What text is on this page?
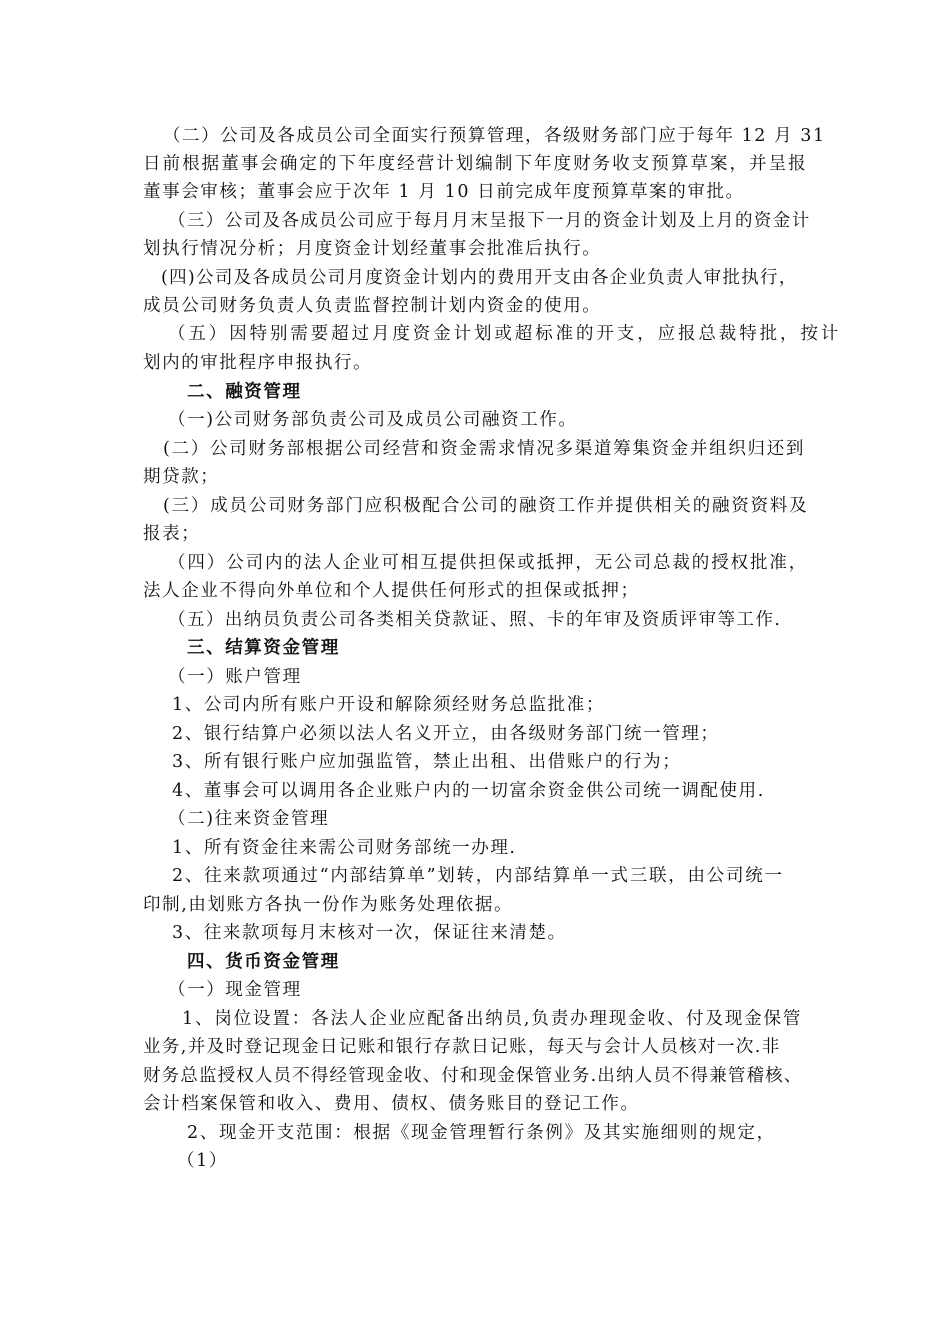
（二）公司及各成员公司全面实行预算管理，各级财务部门应于每年 12 月 31

日前根据董事会确定的下年度经营计划编制下年度财务收支预算草案，并呈报

董事会审核；董事会应于次年 1 月 10 日前完成年度预算草案的审批。

（三）公司及各成员公司应于每月月末呈报下一月的资金计划及上月的资金计

划执行情况分析；月度资金计划经董事会批准后执行。

(四)公司及各成员公司月度资金计划内的费用开支由各企业负责人审批执行，

成员公司财务负责人负责监督控制计划内资金的使用。

（五）因特别需要超过月度资金计划或超标准的开支，应报总裁特批，按计

划内的审批程序申报执行。

二、融资管理

（一)公司财务部负责公司及成员公司融资工作。

(二）公司财务部根据公司经营和资金需求情况多渠道筹集资金并组织归还到

期贷款；

(三）成员公司财务部门应积极配合公司的融资工作并提供相关的融资资料及

报表；

（四）公司内的法人企业可相互提供担保或抵押，无公司总裁的授权批准，

法人企业不得向外单位和个人提供任何形式的担保或抵押；

（五）出纳员负责公司各类相关贷款证、照、卡的年审及资质评审等工作.

三、结算资金管理

（一）账户管理

1、公司内所有账户开设和解除须经财务总监批准；

2、银行结算户必须以法人名义开立，由各级财务部门统一管理；

3、所有银行账户应加强监管，禁止出租、出借账户的行为；

4、董事会可以调用各企业账户内的一切富余资金供公司统一调配使用.

（二)往来资金管理

1、所有资金往来需公司财务部统一办理.

2、往来款项通过“内部结算单”划转，内部结算单一式三联，由公司统一

印制,由划账方各执一份作为账务处理依据。

3、往来款项每月末核对一次，保证往来清楚。

四、货币资金管理

（一）现金管理

1、岗位设置：各法人企业应配备出纳员,负责办理现金收、付及现金保管

业务,并及时登记现金日记账和银行存款日记账，每天与会计人员核对一次.非

财务总监授权人员不得经管现金收、付和现金保管业务.出纳人员不得兼管稽核、

会计档案保管和收入、费用、债权、债务账目的登记工作。

2、现金开支范围：根据《现金管理暂行条例》及其实施细则的规定，

（1）
